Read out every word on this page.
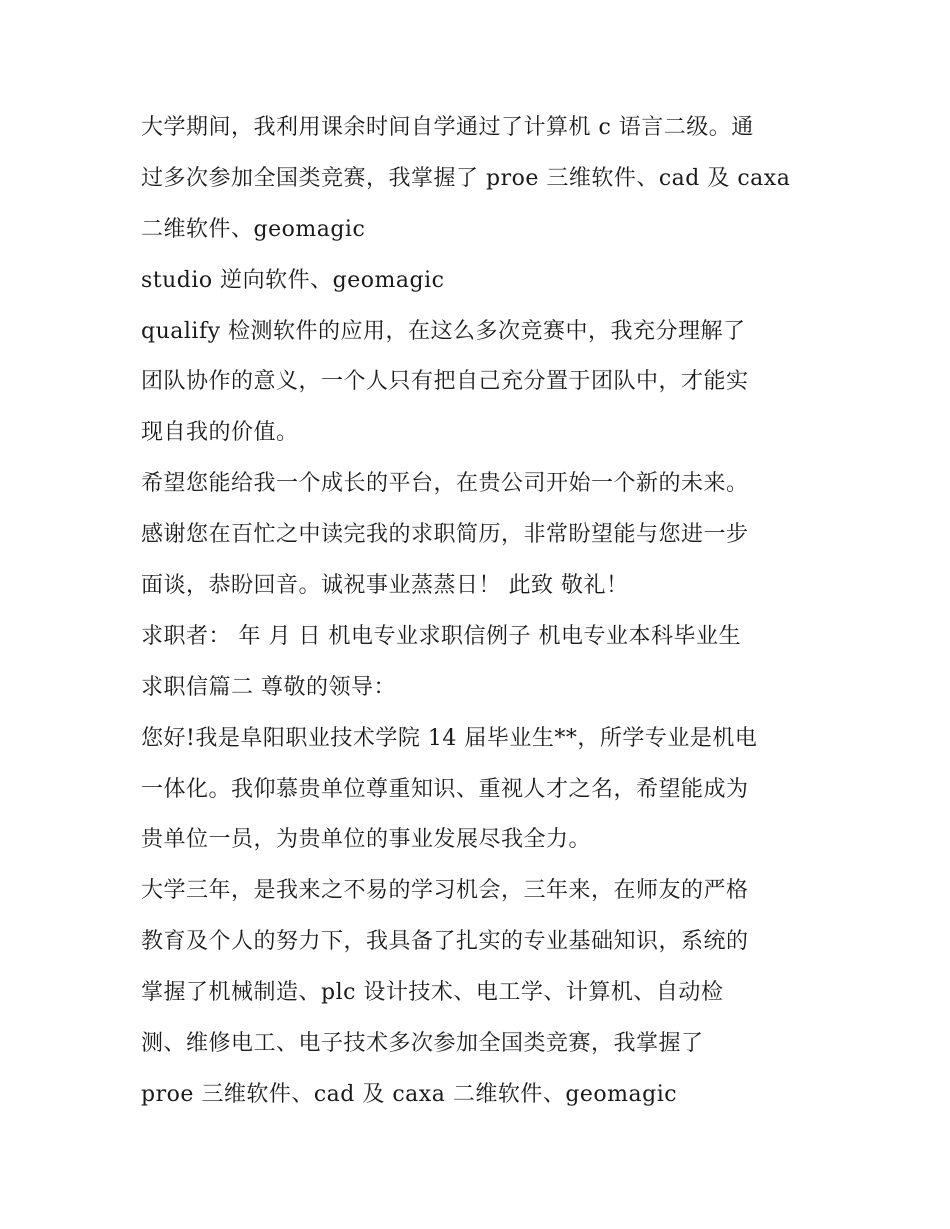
大学期间，我利用课余时间自学通过了计算机 c 语言二级。通
过多次参加全国类竞赛，我掌握了 proe 三维软件、cad 及 caxa
二维软件、geomagic
studio 逆向软件、geomagic
qualify 检测软件的应用，在这么多次竞赛中，我充分理解了
团队协作的意义，一个人只有把自己充分置于团队中，才能实
现自我的价值。
希望您能给我一个成长的平台，在贵公司开始一个新的未来。
感谢您在百忙之中读完我的求职简历，非常盼望能与您进一步
面谈，恭盼回音。诚祝事业蒸蒸日！ 此致 敬礼！
求职者： 年 月 日 机电专业求职信例子 机电专业本科毕业生
求职信篇二 尊敬的领导：
您好!我是阜阳职业技术学院 14 届毕业生**，所学专业是机电
一体化。我仰慕贵单位尊重知识、重视人才之名，希望能成为
贵单位一员，为贵单位的事业发展尽我全力。
大学三年，是我来之不易的学习机会，三年来，在师友的严格
教育及个人的努力下，我具备了扎实的专业基础知识，系统的
掌握了机械制造、plc 设计技术、电工学、计算机、自动检
测、维修电工、电子技术多次参加全国类竞赛，我掌握了
proe 三维软件、cad 及 caxa 二维软件、geomagic
